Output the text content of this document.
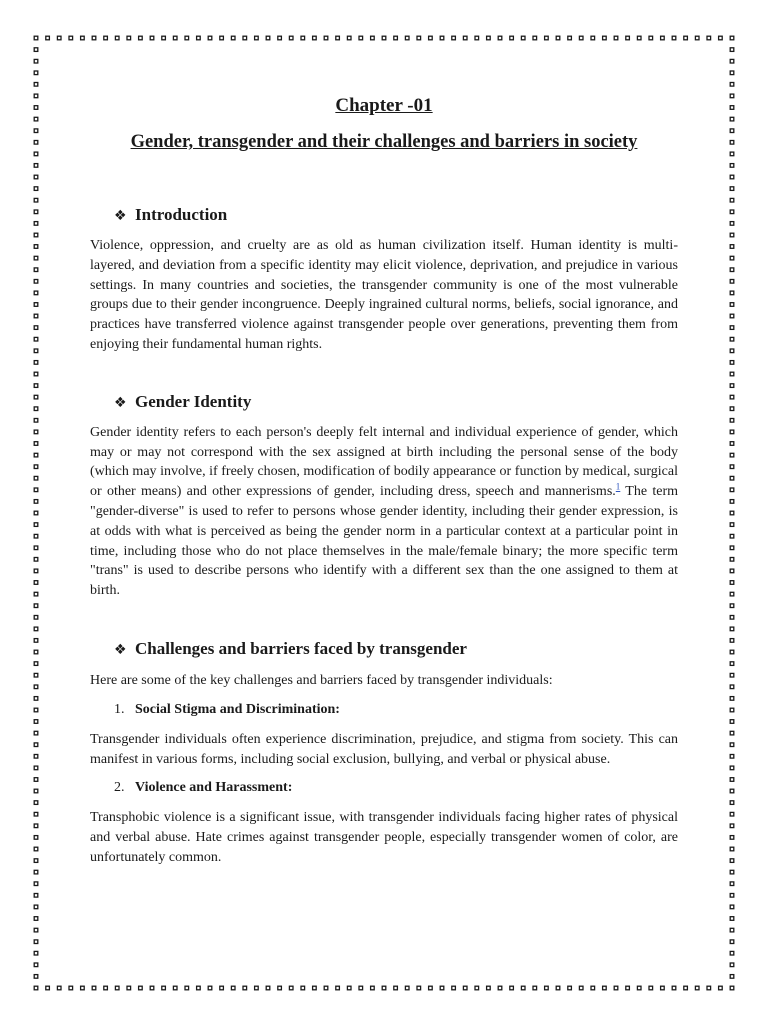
Chapter -01
Gender, transgender and their challenges and barriers in society
❖ Introduction

Violence, oppression, and cruelty are as old as human civilization itself. Human identity is multi-layered, and deviation from a specific identity may elicit violence, deprivation, and prejudice in various settings. In many countries and societies, the transgender community is one of the most vulnerable groups due to their gender incongruence. Deeply ingrained cultural norms, beliefs, social ignorance, and practices have transferred violence against transgender people over generations, preventing them from enjoying their fundamental human rights.

❖ Gender Identity

Gender identity refers to each person's deeply felt internal and individual experience of gender, which may or may not correspond with the sex assigned at birth including the personal sense of the body (which may involve, if freely chosen, modification of bodily appearance or function by medical, surgical or other means) and other expressions of gender, including dress, speech and mannerisms.$^1$ The term "gender-diverse" is used to refer to persons whose gender identity, including their gender expression, is at odds with what is perceived as being the gender norm in a particular context at a particular point in time, including those who do not place themselves in the male/female binary; the more specific term "trans" is used to describe persons who identify with a different sex than the one assigned to them at birth.

❖ Challenges and barriers faced by transgender

Here are some of the key challenges and barriers faced by transgender individuals:

1. Social Stigma and Discrimination:

Transgender individuals often experience discrimination, prejudice, and stigma from society. This can manifest in various forms, including social exclusion, bullying, and verbal or physical abuse.

2. Violence and Harassment:

Transphobic violence is a significant issue, with transgender individuals facing higher rates of physical and verbal abuse. Hate crimes against transgender people, especially transgender women of color, are unfortunately common.
